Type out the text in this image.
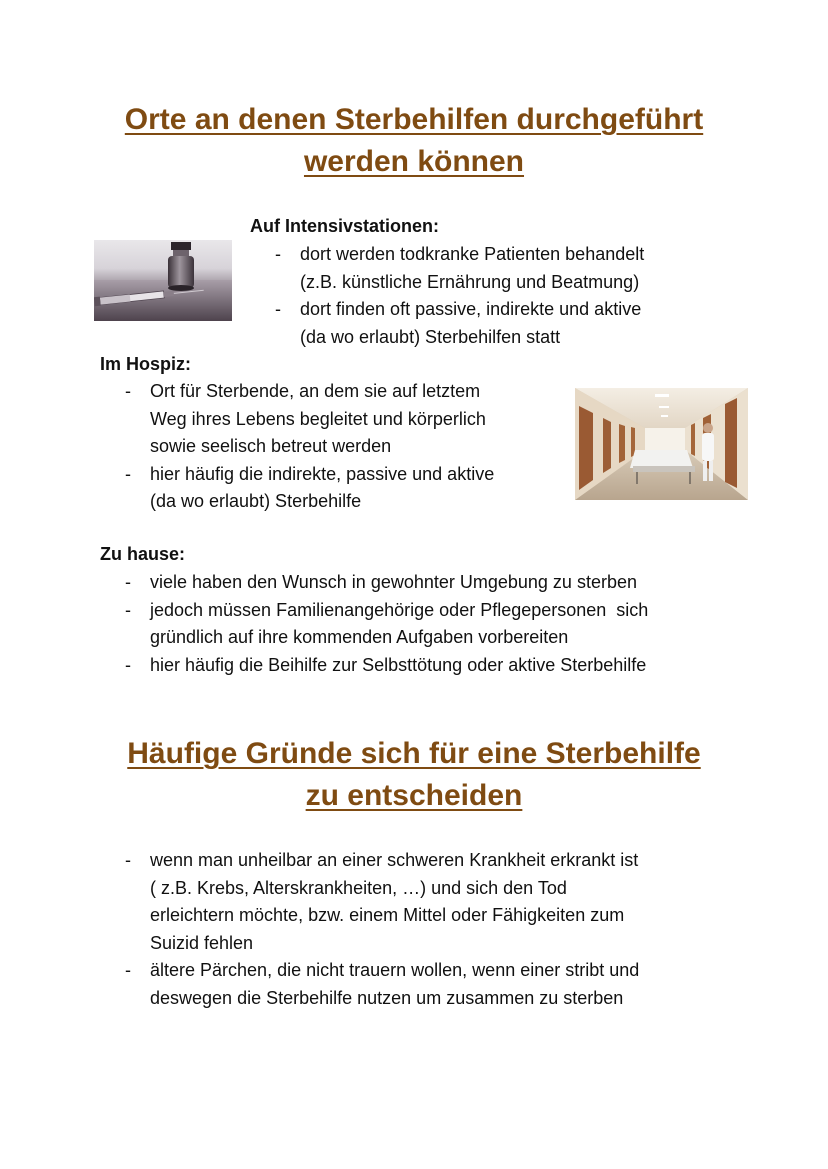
Orte an denen Sterbehilfen durchgeführt
werden können
Auf Intensivstationen:
- dort werden todkranke Patienten behandelt
(z.B. künstliche Ernährung und Beatmung)
- dort finden oft passive, indirekte und aktive
(da wo erlaubt) Sterbehilfen statt
Im Hospiz:
- Ort für Sterbende, an dem sie auf letztem
Weg ihres Lebens begleitet und körperlich
sowie seelisch betreut werden
- hier häufig die indirekte, passive und aktive
(da wo erlaubt) Sterbehilfe
Zu hause:
- viele haben den Wunsch in gewohnter Umgebung zu sterben
- jedoch müssen Familienangehörige oder Pflegepersonen  sich
gründlich auf ihre kommenden Aufgaben vorbereiten
- hier häufig die Beihilfe zur Selbsttötung oder aktive Sterbehilfe
Häufige Gründe sich für eine Sterbehilfe
zu entscheiden
- wenn man unheilbar an einer schweren Krankheit erkrankt ist
( z.B. Krebs, Alterskrankheiten, …) und sich den Tod
erleichtern möchte, bzw. einem Mittel oder Fähigkeiten zum
Suizid fehlen
- ältere Pärchen, die nicht trauern wollen, wenn einer stribt und
deswegen die Sterbehilfe nutzen um zusammen zu sterben
